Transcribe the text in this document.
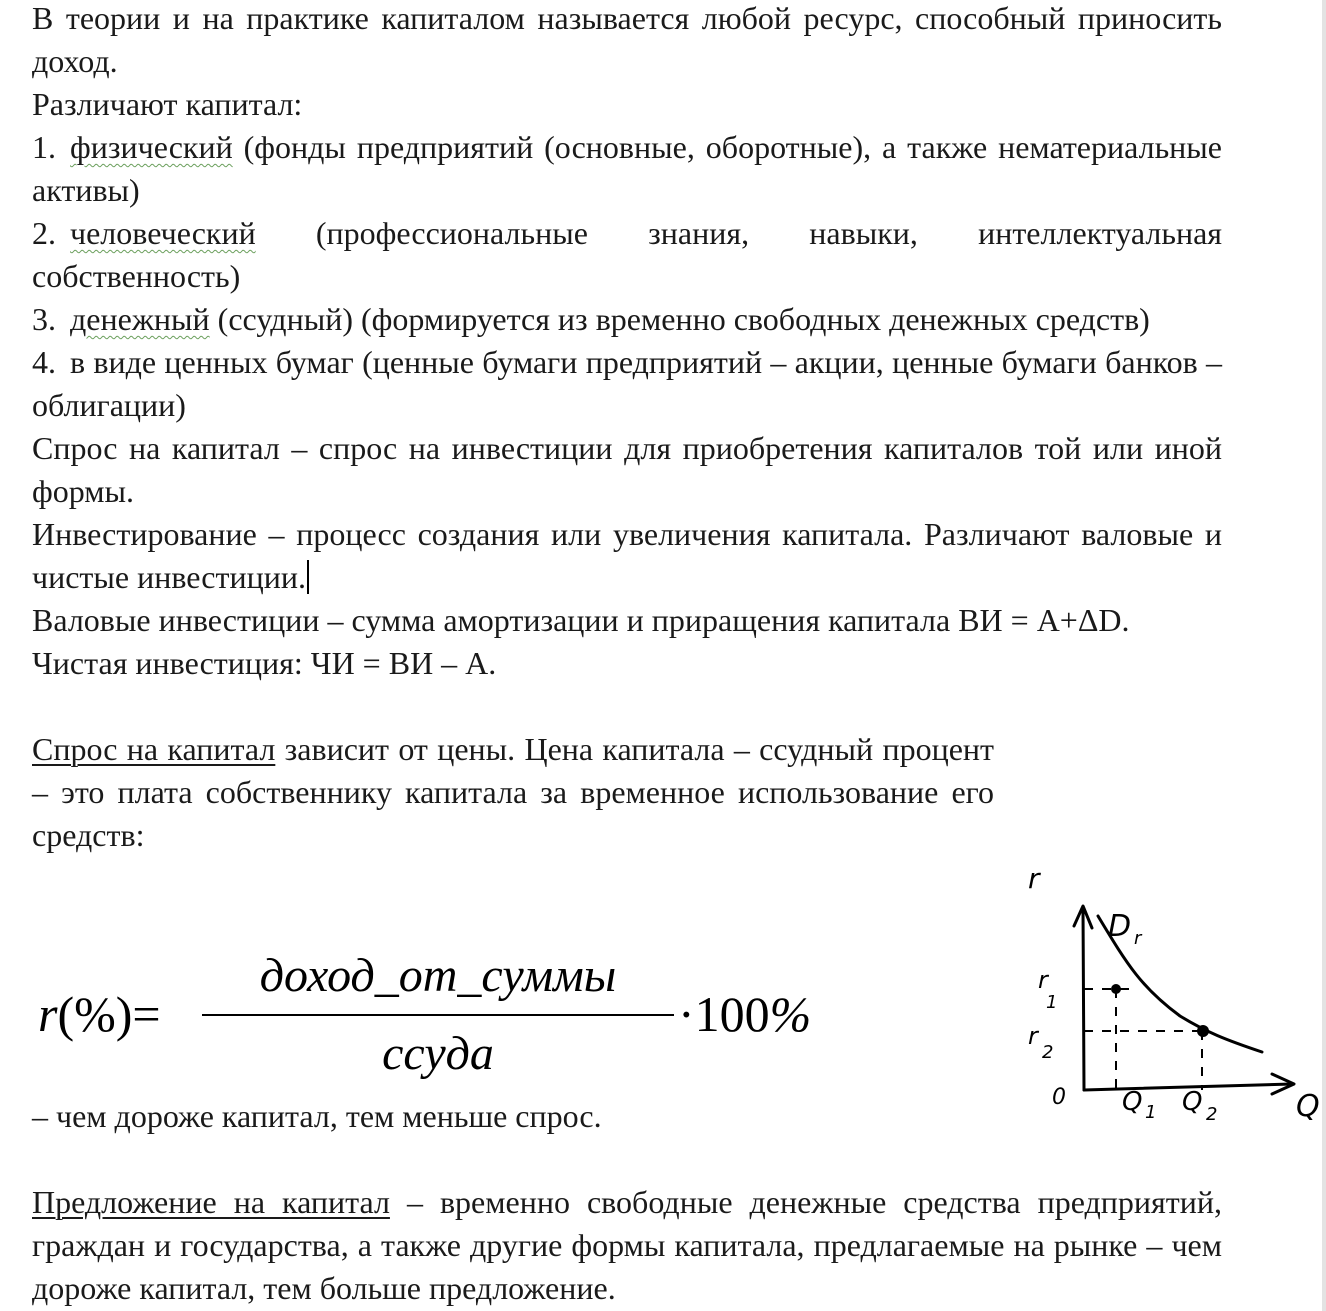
В теории и на практике капиталом называется любой ресурс, способный приносить доход.

Различают капитал:

1. физический (фонды предприятий (основные, оборотные), а также нематериальные активы)

2. человеческий (профессиональные знания, навыки, интеллектуальная собственность)

3. денежный (ссудный) (формируется из временно свободных денежных средств)

4. в виде ценных бумаг (ценные бумаги предприятий – акции, ценные бумаги банков – облигации)

Спрос на капитал – спрос на инвестиции для приобретения капиталов той или иной формы.

Инвестирование – процесс создания или увеличения капитала. Различают валовые и чистые инвестиции.

Валовые инвестиции – сумма амортизации и приращения капитала ВИ = A+ΔD.

Чистая инвестиция: ЧИ = ВИ – А.

Спрос на капитал зависит от цены. Цена капитала – ссудный процент – это плата собственнику капитала за временное использование его средств:

r(%)=
доход_от_суммы
ссуда
·100%

– чем дороже капитал, тем меньше спрос.

Предложение на капитал – временно свободные денежные средства предприятий, граждан и государства, а также другие формы капитала, предлагаемые на рынке – чем дороже капитал, тем больше предложение.

r
Q
D r
r
1
r
2
0 Q 1 Q 2
